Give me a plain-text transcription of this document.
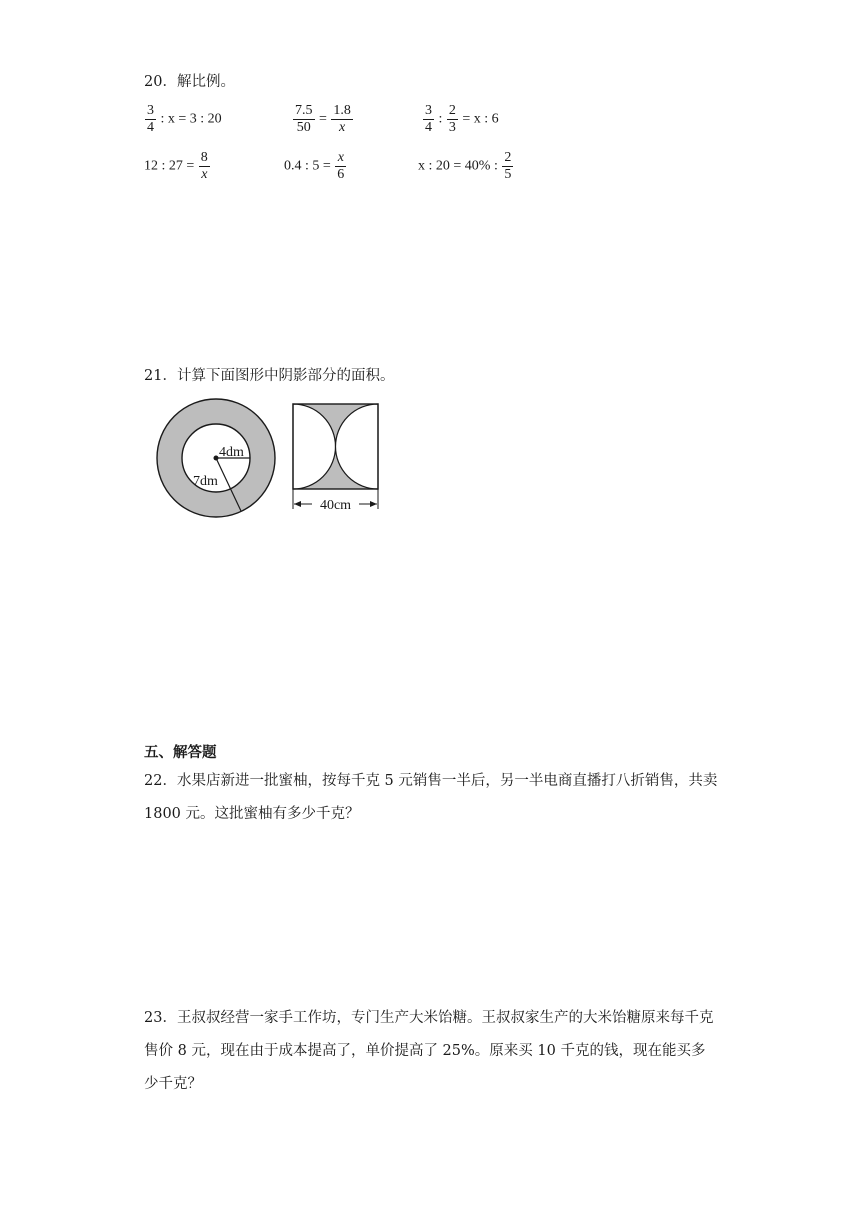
20．解比例。
$\frac{3}{4}$ : x = 3 : 20	$\frac{7.5}{50} = \frac{1.8}{x}$	$\frac{3}{4}$ : $\frac{2}{3} = x$ : 6
12 : $27 = \frac{8}{x}$	0.4 : $5 = \frac{x}{6}$	x : 20 = 40% : $\frac{2}{5}$
21．计算下面图形中阴影部分的面积。
4dm
7dm
40cm
五、解答题
22．水果店新进一批蜜柚，按每千克 5 元销售一半后，另一半电商直播打八折销售，共卖 1800 元。这批蜜柚有多少千克？
23．王叔叔经营一家手工作坊，专门生产大米饴糖。王叔叔家生产的大米饴糖原来每千克售价 8 元，现在由于成本提高了，单价提高了 25%。原来买 10 千克的钱，现在能买多少千克？
